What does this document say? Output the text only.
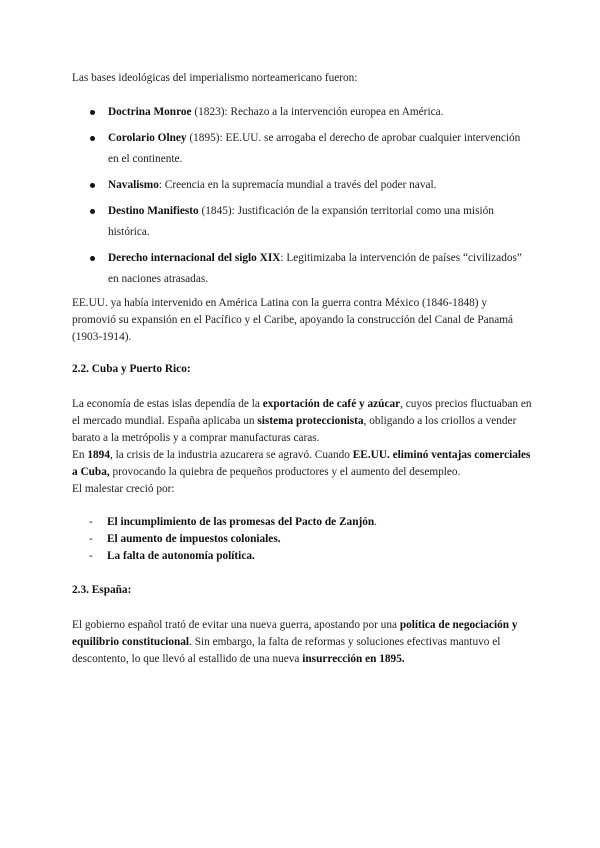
Las bases ideológicas del imperialismo norteamericano fueron:

Doctrina Monroe (1823): Rechazo a la intervención europea en América.
Corolario Olney (1895): EE.UU. se arrogaba el derecho de aprobar cualquier intervención en el continente.
Navalismo: Creencia en la supremacía mundial a través del poder naval.
Destino Manifiesto (1845): Justificación de la expansión territorial como una misión histórica.
Derecho internacional del siglo XIX: Legitimizaba la intervención de países “civilizados” en naciones atrasadas.

EE.UU. ya había intervenido en América Latina con la guerra contra México (1846-1848) y promovió su expansión en el Pacífico y el Caribe, apoyando la construcción del Canal de Panamá (1903-1914).

2.2. Cuba y Puerto Rico:

La economía de estas islas dependía de la exportación de café y azúcar, cuyos precios fluctuaban en el mercado mundial. España aplicaba un sistema proteccionista, obligando a los criollos a vender barato a la metrópolis y a comprar manufacturas caras.

En 1894, la crisis de la industria azucarera se agravó. Cuando EE.UU. eliminó ventajas comerciales a Cuba, provocando la quiebra de pequeños productores y el aumento del desempleo.

El malestar creció por:

- El incumplimiento de las promesas del Pacto de Zanjón.
- El aumento de impuestos coloniales.
- La falta de autonomía política.
2.3. España:

El gobierno español trató de evitar una nueva guerra, apostando por una política de negociación y equilibrio constitucional. Sin embargo, la falta de reformas y soluciones efectivas mantuvo el descontento, lo que llevó al estallido de una nueva insurrección en 1895.
